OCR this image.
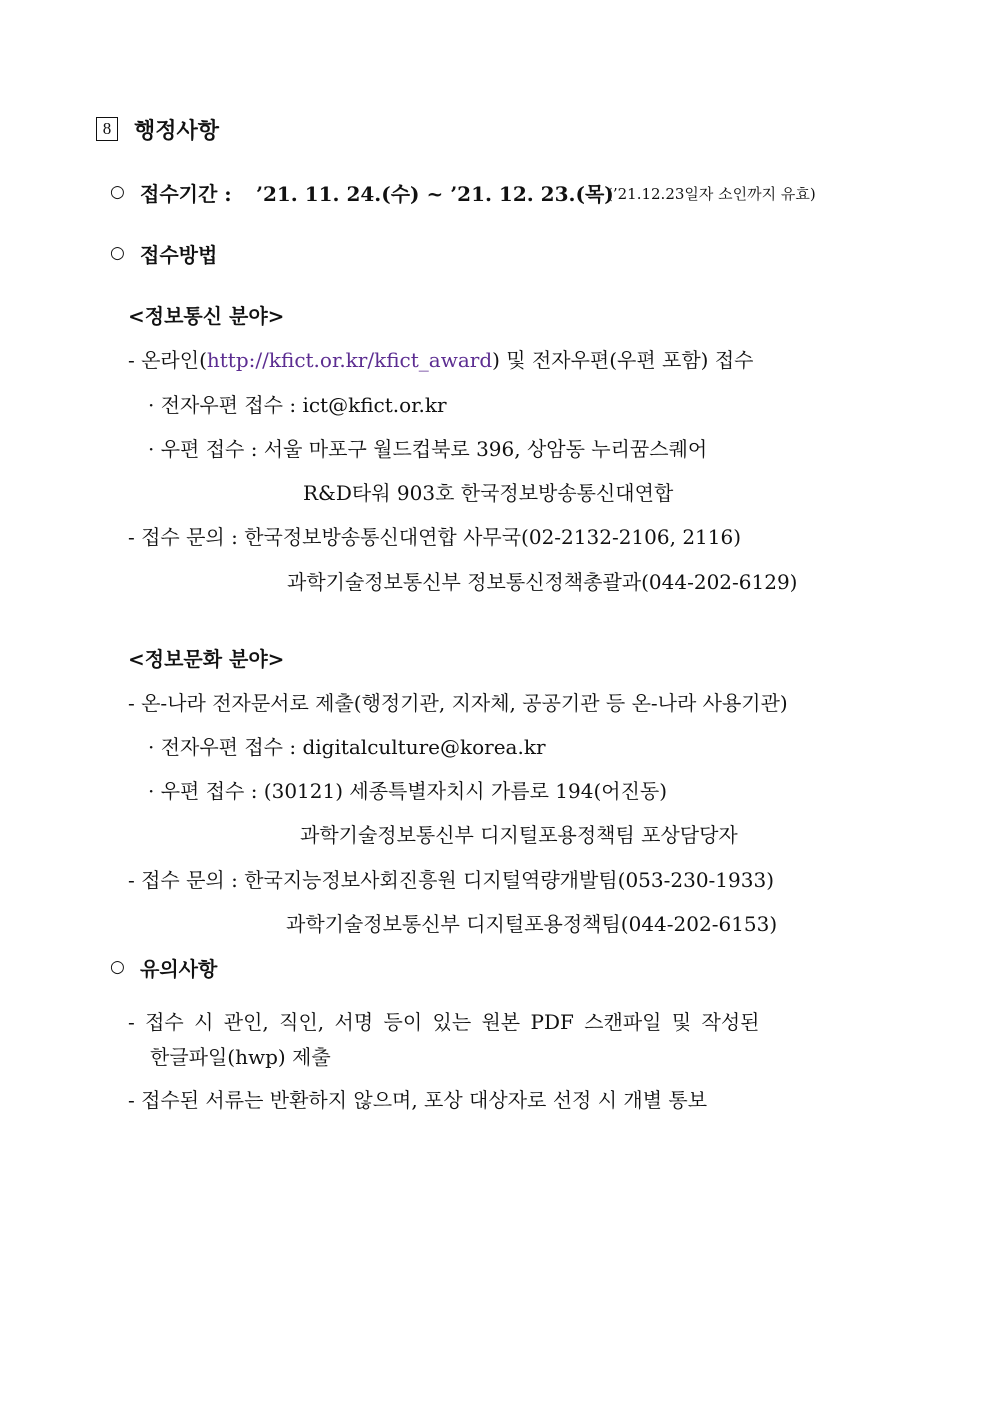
8	행정사항
○ 접수기간 : ’21. 11. 24.(수) ~ ’21. 12. 23.(목)
(’21.12.23일자 소인까지 유효)
○ 접수방법
<정보통신 분야>
- 온라인(http://kfict.or.kr/kfict_award) 및 전자우편(우편 포함) 접수
· 전자우편 접수 : ict@kfict.or.kr
· 우편 접수 : 서울 마포구 월드컵북로 396, 상암동 누리꿈스퀘어
R&D타워 903호 한국정보방송통신대연합
- 접수 문의 : 한국정보방송통신대연합 사무국(02-2132-2106, 2116)
과학기술정보통신부 정보통신정책총괄과(044-202-6129)
<정보문화 분야>
- 온-나라 전자문서로 제출(행정기관, 지자체, 공공기관 등 온-나라 사용기관)
· 전자우편 접수 : digitalculture@korea.kr
· 우편 접수 : (30121) 세종특별자치시 가름로 194(어진동)
과학기술정보통신부 디지털포용정책팀 포상담당자
- 접수 문의 : 한국지능정보사회진흥원 디지털역량개발팀(053-230-1933)
과학기술정보통신부 디지털포용정책팀(044-202-6153)
○ 유의사항
- 접수 시 관인, 직인, 서명 등이 있는 원본 PDF 스캔파일 및 작성된
한글파일(hwp) 제출
- 접수된 서류는 반환하지 않으며, 포상 대상자로 선정 시 개별 통보
